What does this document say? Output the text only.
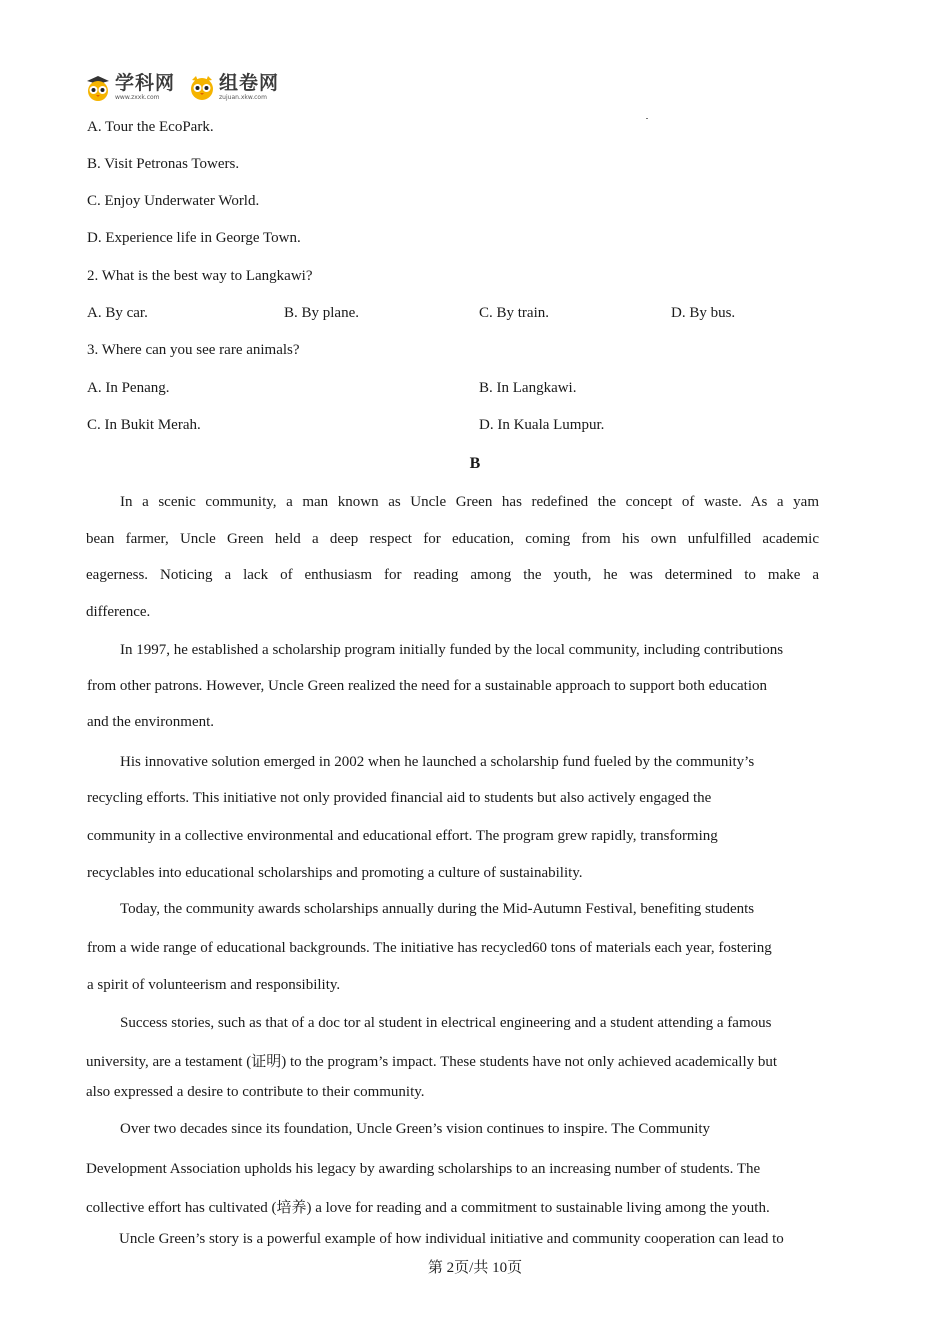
学科网
www.zxxk.com
组卷网
zujuan.xkw.com
A. Tour the EcoPark.
B. Visit Petronas Towers.
C. Enjoy Underwater World.
D. Experience life in George Town.
2. What is the best way to Langkawi?
A. By car.	B. By plane.	C. By train.	D. By bus.
3. Where can you see rare animals?
A. In Penang.	B. In Langkawi.
C. In Bukit Merah.	D. In Kuala Lumpur.
B
In a scenic community, a man known as Uncle Green has redefined the concept of waste. As a yam
bean farmer, Uncle Green held a deep respect for education, coming from his own unfulfilled academic
eagerness. Noticing a lack of enthusiasm for reading among the youth, he was determined to make a
difference.
In 1997, he established a scholarship program initially funded by the local community, including contributions
from other patrons. However, Uncle Green realized the need for a sustainable approach to support both education
and the environment.
His innovative solution emerged in 2002 when he launched a scholarship fund fueled by the community’s
recycling efforts. This initiative not only provided financial aid to students but also actively engaged the
community in a collective environmental and educational effort. The program grew rapidly, transforming
recyclables into educational scholarships and promoting a culture of sustainability.
Today, the community awards scholarships annually during the Mid-Autumn Festival, benefiting students
from a wide range of educational backgrounds. The initiative has recycled60 tons of materials each year, fostering
a spirit of volunteerism and responsibility.
Success stories, such as that of a doc tor al student in electrical engineering and a student attending a famous
university, are a testament (证明) to the program’s impact. These students have not only achieved academically but
also expressed a desire to contribute to their community.
Over two decades since its foundation, Uncle Green’s vision continues to inspire. The Community
Development Association upholds his legacy by awarding scholarships to an increasing number of students. The
collective effort has cultivated (培养) a love for reading and a commitment to sustainable living among the youth.
Uncle Green’s story is a powerful example of how individual initiative and community cooperation can lead to
第 2页/共 10页
